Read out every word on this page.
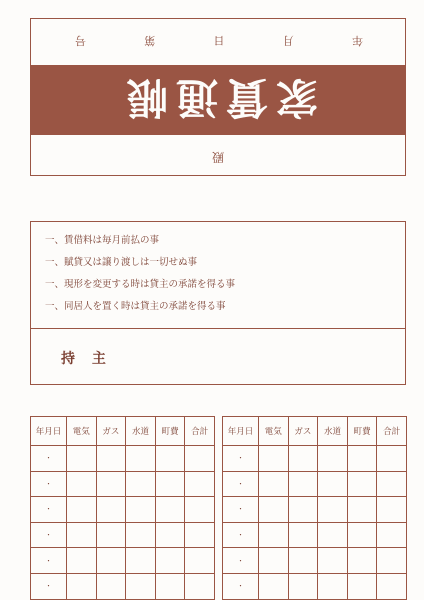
年
月
日
第
号
家賃通帳
殿
一、賃借料は毎月前払の事
一、賦貸又は譲り渡しは一切せぬ事
一、現形を変更する時は貸主の承諾を得る事
一、同居人を置く時は貸主の承諾を得る事
持 主
年月日	電気	ガス	水道	町費	合計
・					
・					
・					
・					
・					
・					
年月日	電気	ガス	水道	町費	合計
・					
・					
・					
・					
・					
・					
